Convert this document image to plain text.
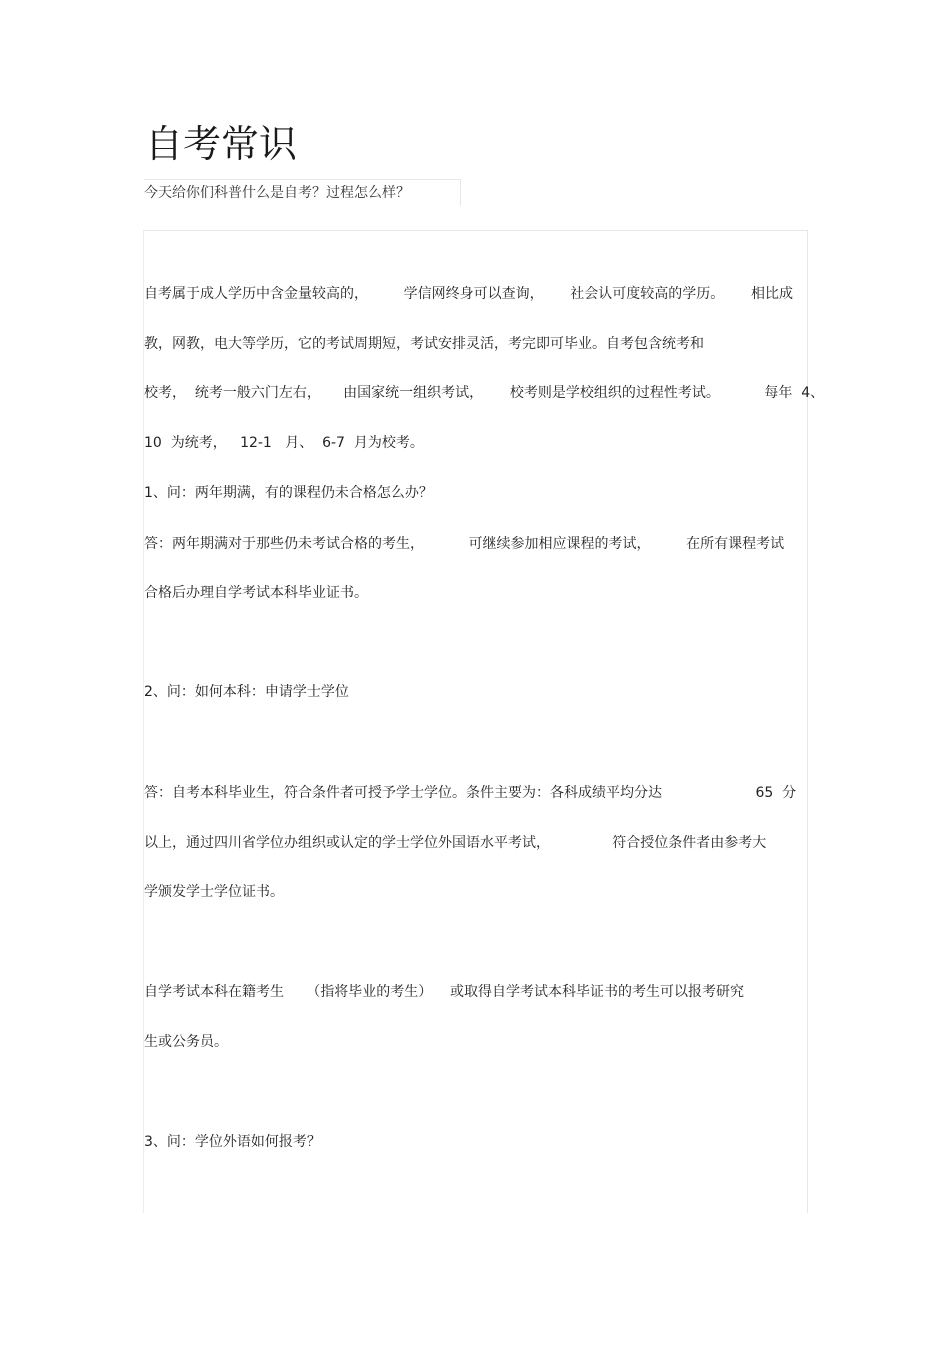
自考常识
今天给你们科普什么是自考？过程怎么样？
自考属于成人学历中含金量较高的，        学信网终身可以查询，      社会认可度较高的学历。      相比成
教，网教，电大等学历，它的考试周期短，考试安排灵活，考完即可毕业。自考包含统考和
校考，  统考一般六门左右，     由国家统一组织考试，      校考则是学校组织的过程性考试。          每年  4、
10  为统考，   12-1   月、  6-7  月为校考。
1、问：两年期满，有的课程仍未合格怎么办？
答：两年期满对于那些仍未考试合格的考生，          可继续参加相应课程的考试，        在所有课程考试
合格后办理自学考试本科毕业证书。
2、问：如何本科：申请学士学位
答：自考本科毕业生，符合条件者可授予学士学位。条件主要为：各科成绩平均分达                     65  分
以上，通过四川省学位办组织或认定的学士学位外国语水平考试，              符合授位条件者由参考大
学颁发学士学位证书。
自学考试本科在籍考生     （指将毕业的考生）    或取得自学考试本科毕证书的考生可以报考研究
生或公务员。
3、问：学位外语如何报考？
